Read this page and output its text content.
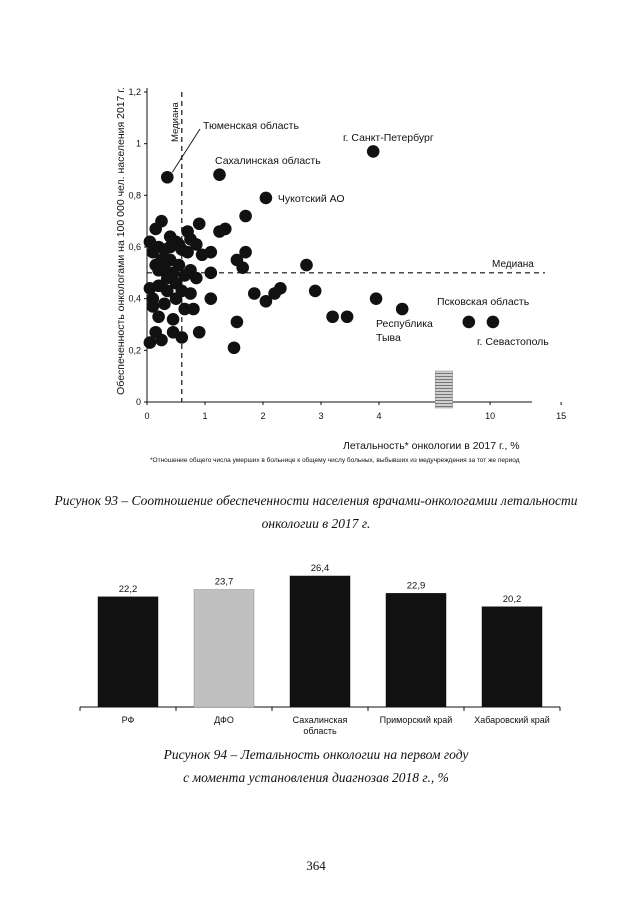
0
0,2
0,4
0,6
0,8
1
1,2
0	1	2	3	4	10	15
Медиана
Медиана
Обеспеченность онкологами на 100 000 чел. населения 2017 г.
Летальность* онкологии в 2017 г., %
Тюменская область
Сахалинская область
г. Санкт-Петербург
Чукотский АО
Псковская область
Республика
Тыва	г. Севастополь

*Отношение общего числа умерших в больнице к общему числу больных, выбывших из медучреждения за тот же период

Рисунок 93 – Соотношение обеспеченности населения врачами-онкологамии летальности

онкологии в 2017 г.

22,2
РФ
23,7
ДФО
26,4
Сахалинская
область
22,9
Приморский край
20,2
Хабаровский край

Рисунок 94 – Летальность онкологии на первом году

с момента установления диагнозав 2018 г., %

364
